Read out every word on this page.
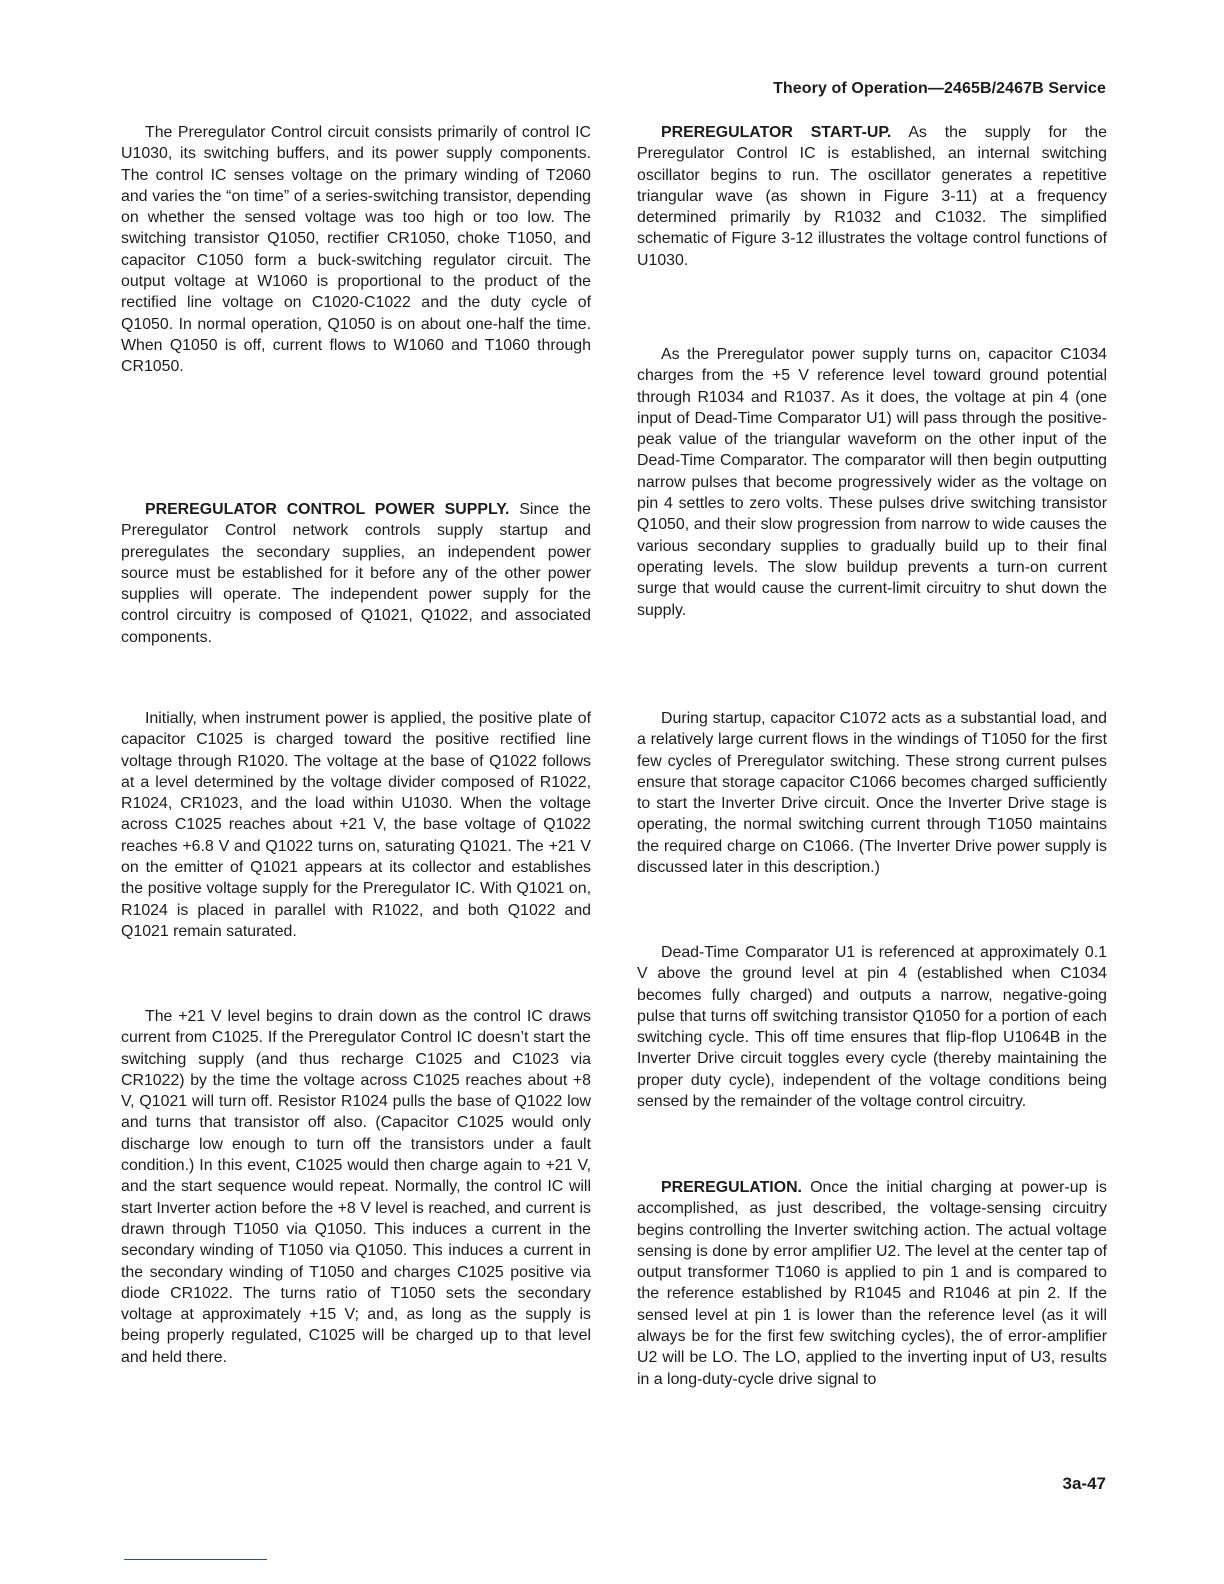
Theory of Operation—2465B/2467B Service

The Preregulator Control circuit consists primarily of control IC U1030, its switching buffers, and its power supply components. The control IC senses voltage on the primary winding of T2060 and varies the “on time” of a series-switching transistor, depending on whether the sensed voltage was too high or too low. The switching transistor Q1050, rectifier CR1050, choke T1050, and capacitor C1050 form a buck-switching regulator circuit. The output voltage at W1060 is proportional to the product of the rectified line voltage on C1020-C1022 and the duty cycle of Q1050. In normal operation, Q1050 is on about one-half the time. When Q1050 is off, current flows to W1060 and T1060 through CR1050.

PREREGULATOR CONTROL POWER SUPPLY. Since the Preregulator Control network controls supply startup and preregulates the secondary supplies, an independent power source must be established for it before any of the other power supplies will operate. The independent power supply for the control circuitry is composed of Q1021, Q1022, and associated components.

Initially, when instrument power is applied, the positive plate of capacitor C1025 is charged toward the positive rectified line voltage through R1020. The voltage at the base of Q1022 follows at a level determined by the voltage divider composed of R1022, R1024, CR1023, and the load within U1030. When the voltage across C1025 reaches about +21 V, the base voltage of Q1022 reaches +6.8 V and Q1022 turns on, saturating Q1021. The +21 V on the emitter of Q1021 appears at its collector and establishes the positive voltage supply for the Preregulator IC. With Q1021 on, R1024 is placed in parallel with R1022, and both Q1022 and Q1021 remain saturated.

The +21 V level begins to drain down as the control IC draws current from C1025. If the Preregulator Control IC doesn’t start the switching supply (and thus recharge C1025 and C1023 via CR1022) by the time the voltage across C1025 reaches about +8 V, Q1021 will turn off. Resistor R1024 pulls the base of Q1022 low and turns that transistor off also. (Capacitor C1025 would only discharge low enough to turn off the transistors under a fault condition.) In this event, C1025 would then charge again to +21 V, and the start sequence would repeat. Normally, the control IC will start Inverter action before the +8 V level is reached, and current is drawn through T1050 via Q1050. This induces a current in the secondary winding of T1050 via Q1050. This induces a current in the secondary winding of T1050 and charges C1025 positive via diode CR1022. The turns ratio of T1050 sets the secondary voltage at approximately +15 V; and, as long as the supply is being properly regulated, C1025 will be charged up to that level and held there.

PREREGULATOR START-UP. As the supply for the Preregulator Control IC is established, an internal switching oscillator begins to run. The oscillator generates a repetitive triangular wave (as shown in Figure 3-11) at a frequency determined primarily by R1032 and C1032. The simplified schematic of Figure 3-12 illustrates the voltage control functions of U1030.

As the Preregulator power supply turns on, capacitor C1034 charges from the +5 V reference level toward ground potential through R1034 and R1037. As it does, the voltage at pin 4 (one input of Dead-Time Comparator U1) will pass through the positive-peak value of the triangular waveform on the other input of the Dead-Time Comparator. The comparator will then begin outputting narrow pulses that become progressively wider as the voltage on pin 4 settles to zero volts. These pulses drive switching transistor Q1050, and their slow progression from narrow to wide causes the various secondary supplies to gradually build up to their final operating levels. The slow buildup prevents a turn-on current surge that would cause the current-limit circuitry to shut down the supply.

During startup, capacitor C1072 acts as a substantial load, and a relatively large current flows in the windings of T1050 for the first few cycles of Preregulator switching. These strong current pulses ensure that storage capacitor C1066 becomes charged sufficiently to start the Inverter Drive circuit. Once the Inverter Drive stage is operating, the normal switching current through T1050 maintains the required charge on C1066. (The Inverter Drive power supply is discussed later in this description.)

Dead-Time Comparator U1 is referenced at approximately 0.1 V above the ground level at pin 4 (established when C1034 becomes fully charged) and outputs a narrow, negative-going pulse that turns off switching transistor Q1050 for a portion of each switching cycle. This off time ensures that flip-flop U1064B in the Inverter Drive circuit toggles every cycle (thereby maintaining the proper duty cycle), independent of the voltage conditions being sensed by the remainder of the voltage control circuitry.

PREREGULATION. Once the initial charging at power-up is accomplished, as just described, the voltage-sensing circuitry begins controlling the Inverter switching action. The actual voltage sensing is done by error amplifier U2. The level at the center tap of output transformer T1060 is applied to pin 1 and is compared to the reference established by R1045 and R1046 at pin 2. If the sensed level at pin 1 is lower than the reference level (as it will always be for the first few switching cycles), the of error-amplifier U2 will be LO. The LO, applied to the inverting input of U3, results in a long-duty-cycle drive signal to

3a-47
